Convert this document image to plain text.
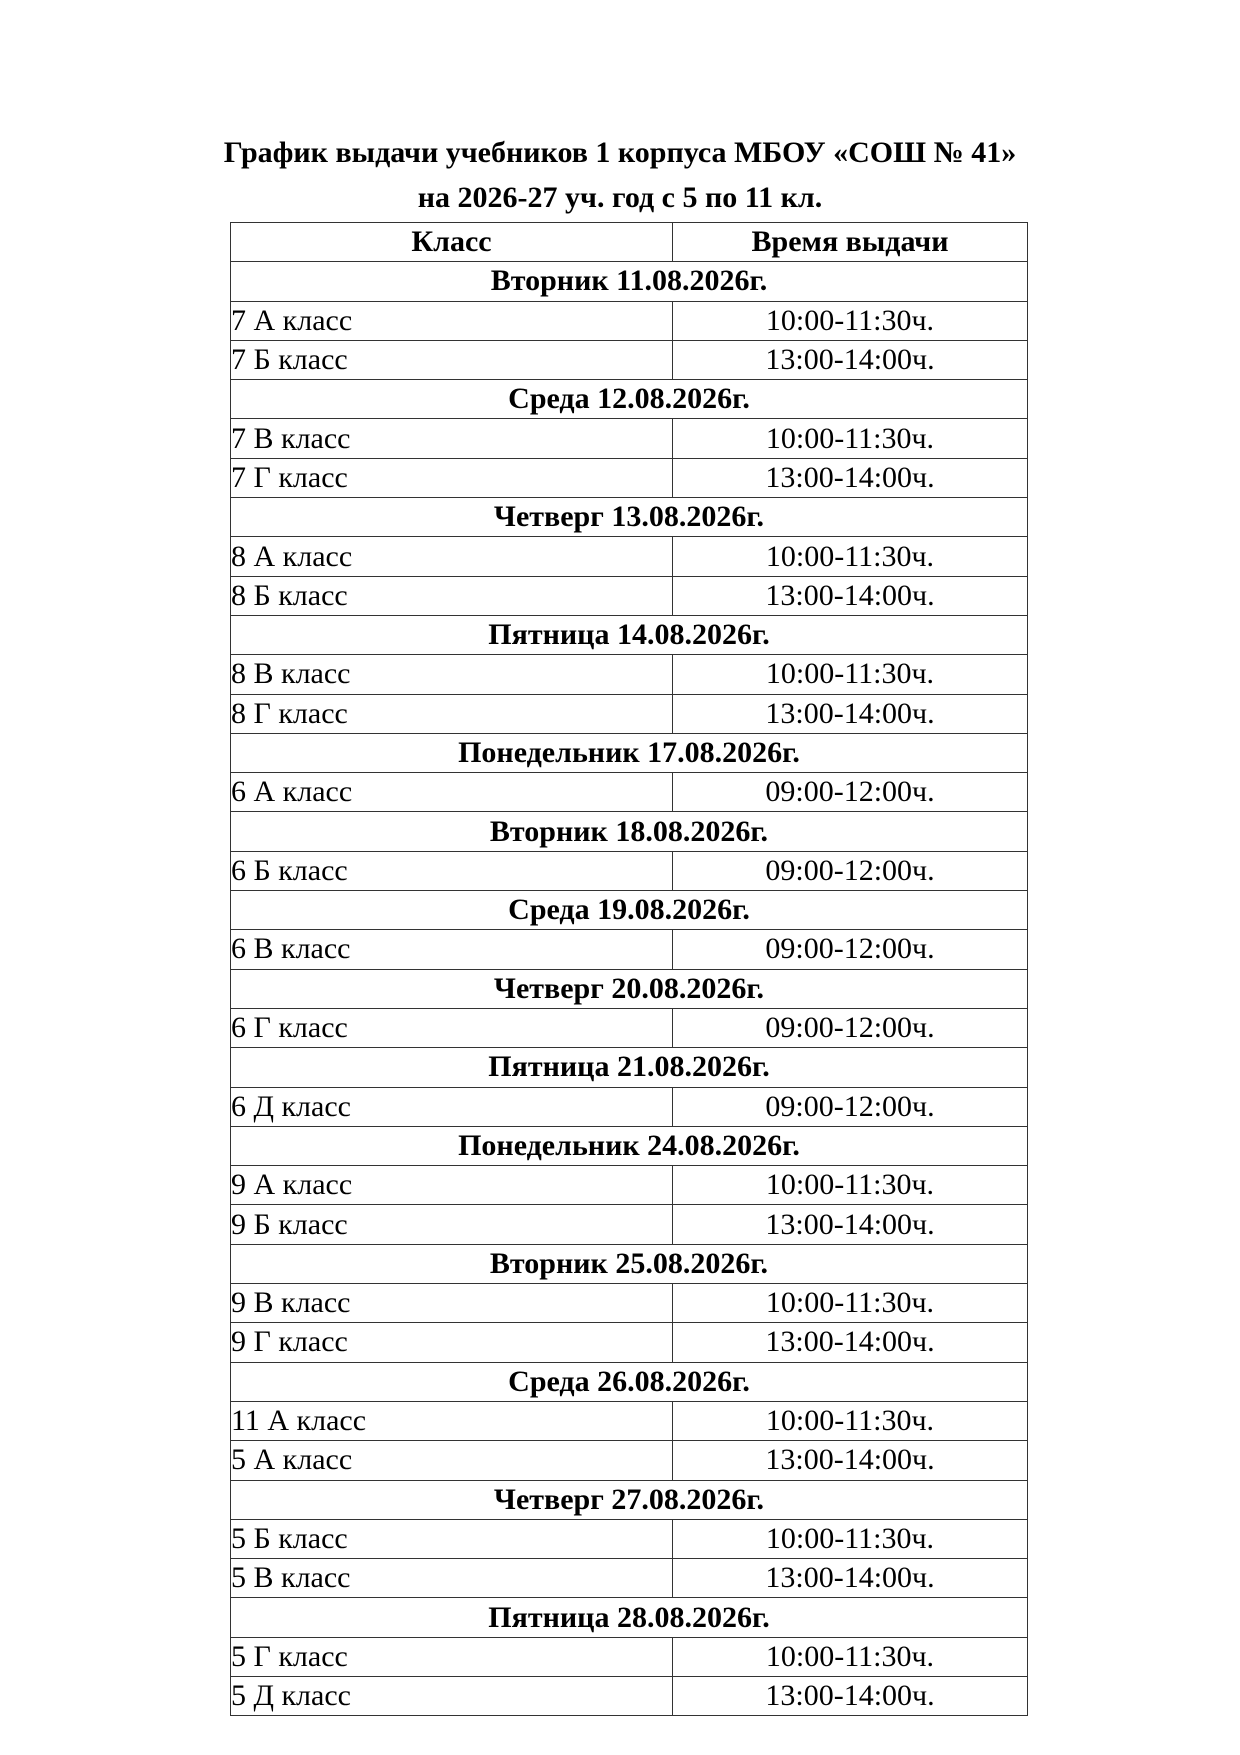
График выдачи учебников 1 корпуса МБОУ «СОШ № 41»
на 2026-27 уч. год с 5 по 11 кл.
Класс	Время выдачи
Вторник 11.08.2026г.	
7 А класс	10:00-11:30ч.
7 Б класс	13:00-14:00ч.
Среда 12.08.2026г.	
7 В класс	10:00-11:30ч.
7 Г класс	13:00-14:00ч.
Четверг 13.08.2026г.	
8 А класс	10:00-11:30ч.
8 Б класс	13:00-14:00ч.
Пятница 14.08.2026г.	
8 В класс	10:00-11:30ч.
8 Г класс	13:00-14:00ч.
Понедельник 17.08.2026г.	
6 А класс	09:00-12:00ч.
Вторник 18.08.2026г.	
6 Б класс	09:00-12:00ч.
Среда 19.08.2026г.	
6 В класс	09:00-12:00ч.
Четверг 20.08.2026г.	
6 Г класс	09:00-12:00ч.
Пятница 21.08.2026г.	
6 Д класс	09:00-12:00ч.
Понедельник 24.08.2026г.	
9 А класс	10:00-11:30ч.
9 Б класс	13:00-14:00ч.
Вторник 25.08.2026г.	
9 В класс	10:00-11:30ч.
9 Г класс	13:00-14:00ч.
Среда 26.08.2026г.	
11 А класс	10:00-11:30ч.
5 А класс	13:00-14:00ч.
Четверг 27.08.2026г.	
5 Б класс	10:00-11:30ч.
5 В класс	13:00-14:00ч.
Пятница 28.08.2026г.	
5 Г класс	10:00-11:30ч.
5 Д класс	13:00-14:00ч.
